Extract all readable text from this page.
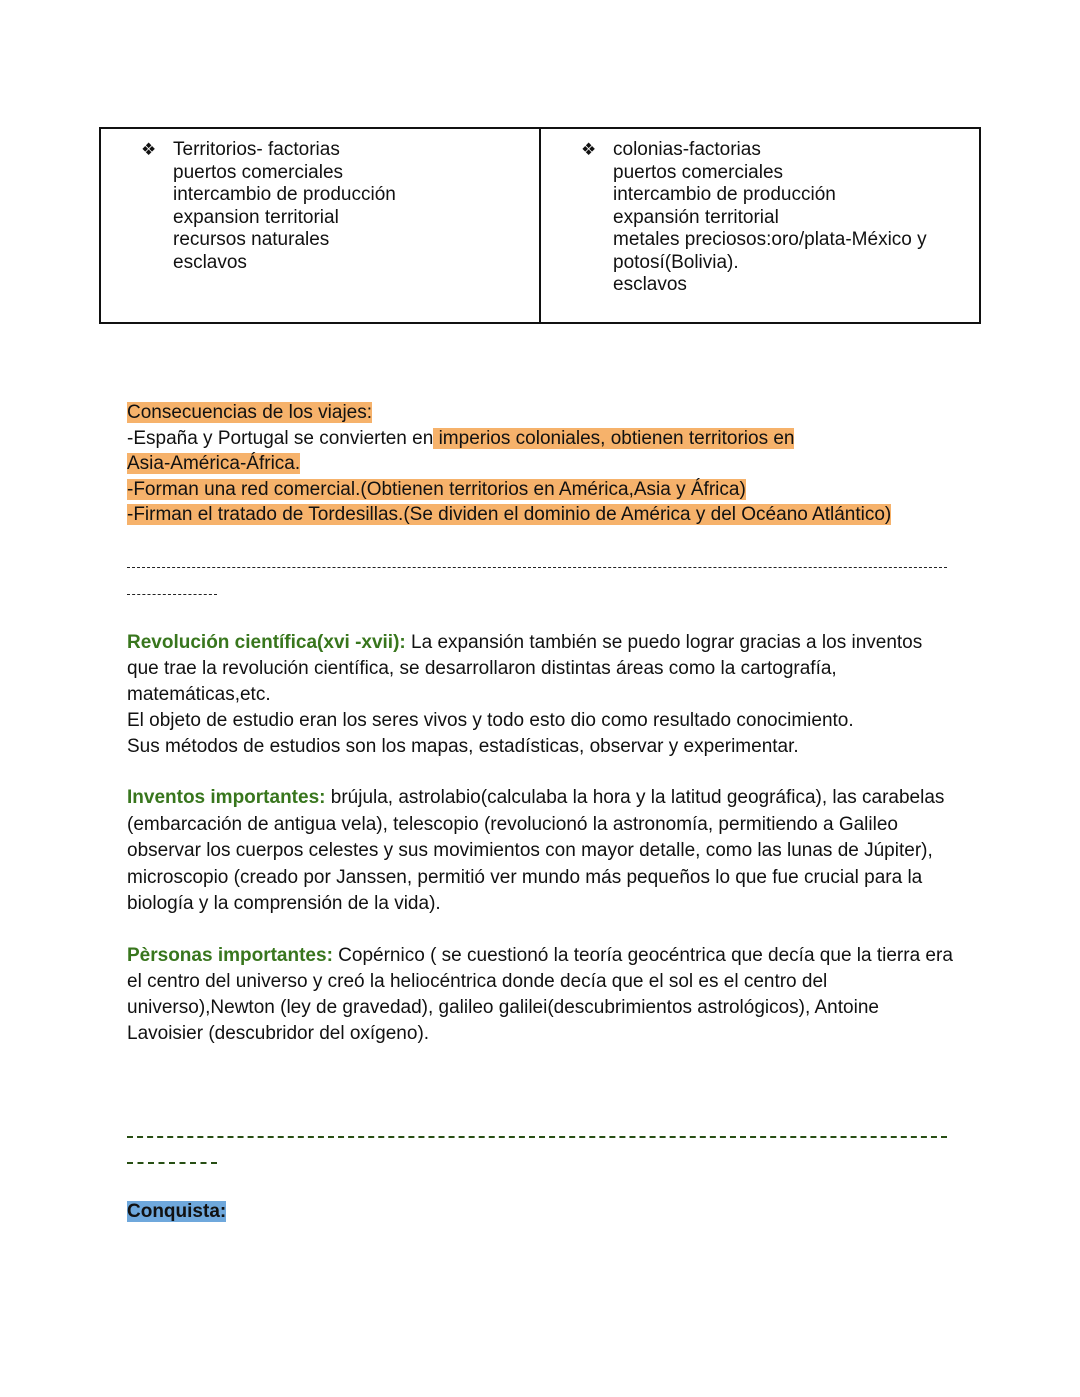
❖ Territorios- factorias
puertos comerciales
intercambio de producción
expansion territorial
recursos naturales
esclavos

❖ colonias-factorias
puertos comerciales
intercambio de producción
expansión territorial
metales preciosos:oro/plata-México y potosí(Bolivia).
esclavos
Consecuencias de los viajes:
-España y Portugal se convierten en imperios coloniales, obtienen territorios en
Asia-América-África.
-Forman una red comercial.(Obtienen territorios en América,Asia y África)
-Firman el tratado de Tordesillas.(Se dividen el dominio de América y del Océano Atlántico)
Revolución científica(xvi -xvii): La expansión también se puedo lograr gracias a los inventos que trae la revolución científica, se desarrollaron distintas áreas como la cartografía, matemáticas,etc.
El objeto de estudio eran los seres vivos y todo esto dio como resultado conocimiento.
Sus métodos de estudios son los mapas, estadísticas, observar y experimentar.
Inventos importantes: brújula, astrolabio(calculaba la hora y la latitud geográfica), las carabelas (embarcación de antigua vela), telescopio (revolucionó la astronomía, permitiendo a Galileo observar los cuerpos celestes y sus movimientos con mayor detalle, como las lunas de Júpiter), microscopio (creado por Janssen, permitió ver mundo más pequeños lo que fue crucial para la biología y la comprensión de la vida).
Pèrsonas importantes: Copérnico ( se cuestionó la teoría geocéntrica que decía que la tierra era el centro del universo y creó la heliocéntrica donde decía que el sol es el centro del universo),Newton (ley de gravedad), galileo galilei(descubrimientos astrológicos), Antoine Lavoisier (descubridor del oxígeno).
Conquista:
